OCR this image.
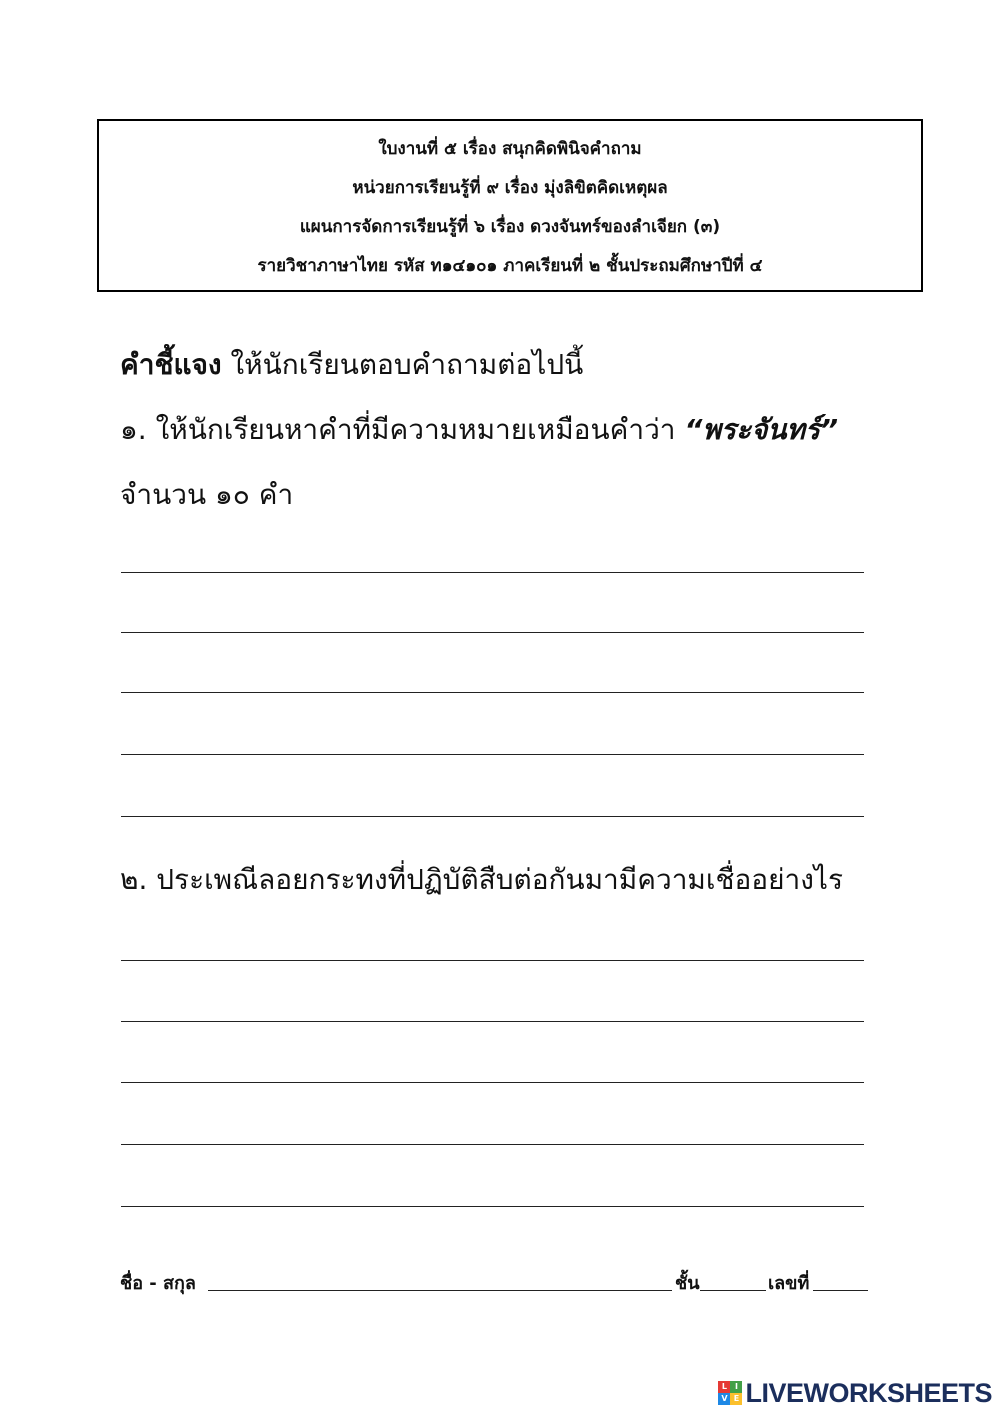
ใบงานที่ ๕ เรื่อง สนุกคิดพินิจคำถาม
หน่วยการเรียนรู้ที่ ๙ เรื่อง มุ่งลิขิตคิดเหตุผล
แผนการจัดการเรียนรู้ที่ ๖ เรื่อง ดวงจันทร์ของลำเจียก (๓)
รายวิชาภาษาไทย รหัส ท๑๔๑๐๑ ภาคเรียนที่ ๒ ชั้นประถมศึกษาปีที่ ๔
คำชี้แจง ให้นักเรียนตอบคำถามต่อไปนี้
๑. ให้นักเรียนหาคำที่มีความหมายเหมือนคำว่า “พระจันทร์”
จำนวน ๑๐ คำ
๒. ประเพณีลอยกระทงที่ปฏิบัติสืบต่อกันมามีความเชื่ออย่างไร
ชื่อ - สกุล	ชั้น	เลขที่
L I
V E LIVEWORKSHEETS
